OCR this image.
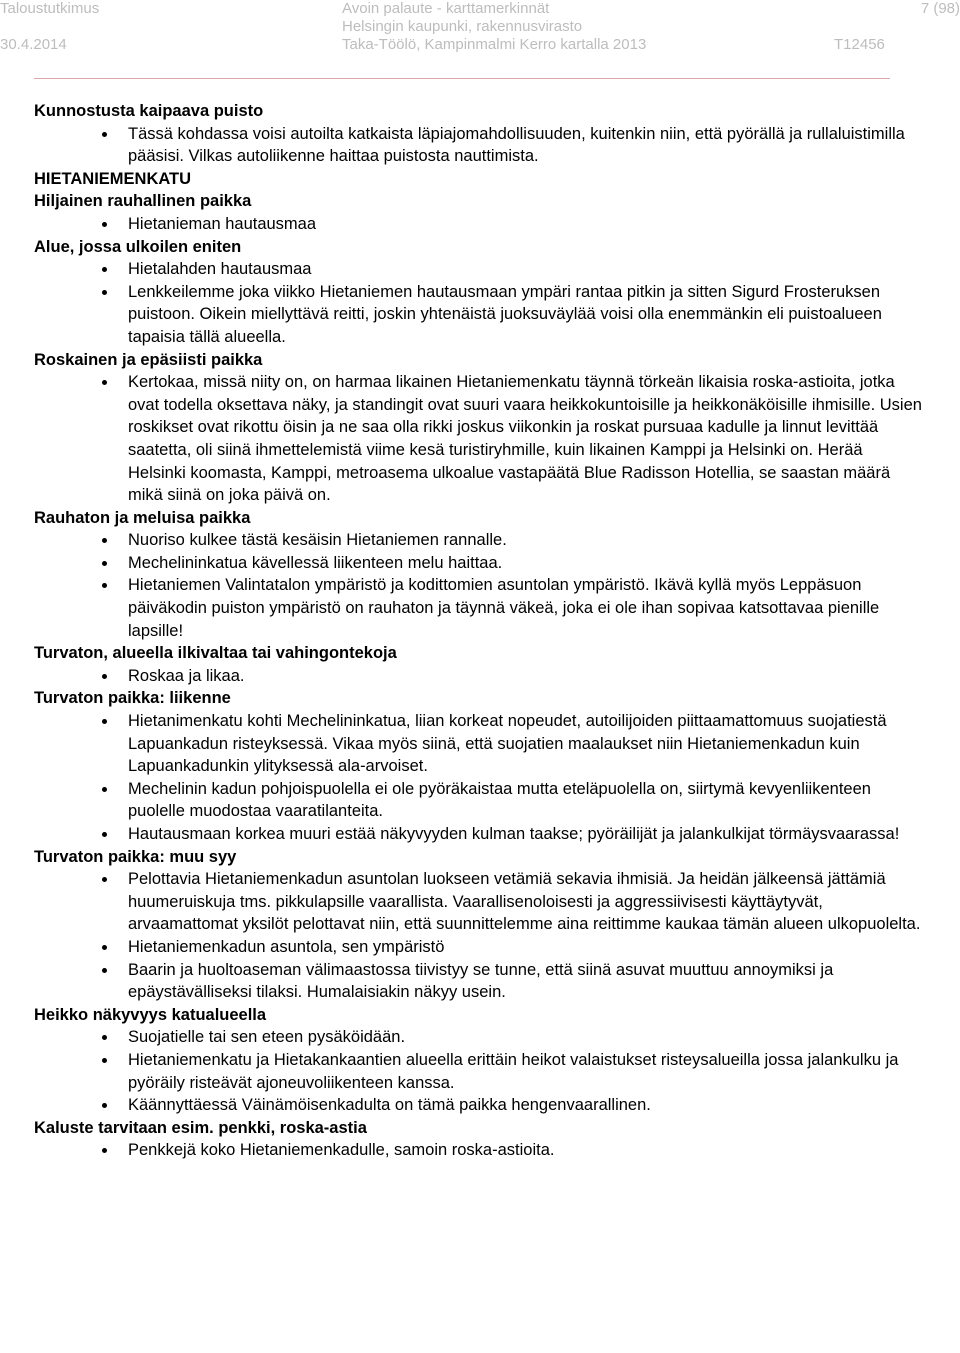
Taloustutkimus
30.4.2014
Avoin palaute - karttamerkinnät
Helsingin kaupunki, rakennusvirasto
Taka-Töölö, Kampinmalmi Kerro kartalla 2013	T12456
7 (98)
Kunnostusta kaipaava puisto
Tässä kohdassa voisi autoilta katkaista läpiajomahdollisuuden, kuitenkin niin, että pyörällä ja rullaluistimilla pääsisi. Vilkas autoliikenne haittaa puistosta nauttimista.
HIETANIEMENKATU
Hiljainen rauhallinen paikka
Hietanieman hautausmaa
Alue, jossa ulkoilen eniten
Hietalahden hautausmaa
Lenkkeilemme joka viikko Hietaniemen hautausmaan ympäri rantaa pitkin ja sitten Sigurd Frosteruksen puistoon. Oikein miellyttävä reitti, joskin yhtenäistä juoksuväylää voisi olla enemmänkin eli puistoalueen tapaisia tällä alueella.
Roskainen ja epäsiisti paikka
Kertokaa, missä niity on, on harmaa likainen Hietaniemenkatu täynnä törkeän likaisia roska-astioita, jotka ovat todella oksettava näky, ja standingit ovat suuri vaara heikkokuntoisille ja heikkonäköisille ihmisille. Usien roskikset ovat rikottu öisin ja ne saa olla rikki joskus viikonkin ja roskat pursuaa kadulle ja linnut levittää saatetta, oli siinä ihmettelemistä viime kesä turistiryhmille, kuin likainen Kamppi ja Helsinki on. Herää Helsinki koomasta, Kamppi, metroasema ulkoalue vastapäätä Blue Radisson Hotellia, se saastan määrä mikä siinä on joka päivä on.
Rauhaton ja meluisa paikka
Nuoriso kulkee tästä kesäisin Hietaniemen rannalle.
Mechelininkatua kävellessä liikenteen melu haittaa.
Hietaniemen Valintatalon ympäristö ja kodittomien asuntolan ympäristö. Ikävä kyllä myös Leppäsuon päiväkodin puiston ympäristö on rauhaton ja täynnä väkeä, joka ei ole ihan sopivaa katsottavaa pienille lapsille!
Turvaton, alueella ilkivaltaa tai vahingontekoja
Roskaa ja likaa.
Turvaton paikka: liikenne
Hietanimenkatu kohti Mechelininkatua, liian korkeat nopeudet, autoilijoiden piittaamattomuus suojatiestä Lapuankadun risteyksessä. Vikaa myös siinä, että suojatien maalaukset niin Hietaniemenkadun kuin Lapuankadunkin ylityksessä ala-arvoiset.
Mechelinin kadun pohjoispuolella ei ole pyöräkaistaa mutta eteläpuolella on, siirtymä kevyenliikenteen puolelle muodostaa vaaratilanteita.
Hautausmaan korkea muuri estää näkyvyyden kulman taakse; pyöräilijät ja jalankulkijat törmäysvaarassa!
Turvaton paikka: muu syy
Pelottavia Hietaniemenkadun asuntolan luokseen vetämiä sekavia ihmisiä. Ja heidän jälkeensä jättämiä huumeruiskuja tms. pikkulapsille vaarallista. Vaarallisenoloisesti ja aggressiivisesti käyttäytyvät, arvaamattomat yksilöt pelottavat niin, että suunnittelemme aina reittimme kaukaa tämän alueen ulkopuolelta.
Hietaniemenkadun asuntola, sen ympäristö
Baarin ja huoltoaseman välimaastossa tiivistyy se tunne, että siinä asuvat muuttuu annoymiksi ja epäystävälliseksi tilaksi. Humalaisiakin näkyy usein.
Heikko näkyvyys katualueella
Suojatielle tai sen eteen pysäköidään.
Hietaniemenkatu ja Hietakankaantien alueella erittäin heikot valaistukset risteysalueilla jossa jalankulku ja pyöräily risteävät ajoneuvoliikenteen kanssa.
Käännyttäessä Väinämöisenkadulta on tämä paikka hengenvaarallinen.
Kaluste tarvitaan esim. penkki, roska-astia
Penkkejä koko Hietaniemenkadulle, samoin roska-astioita.
